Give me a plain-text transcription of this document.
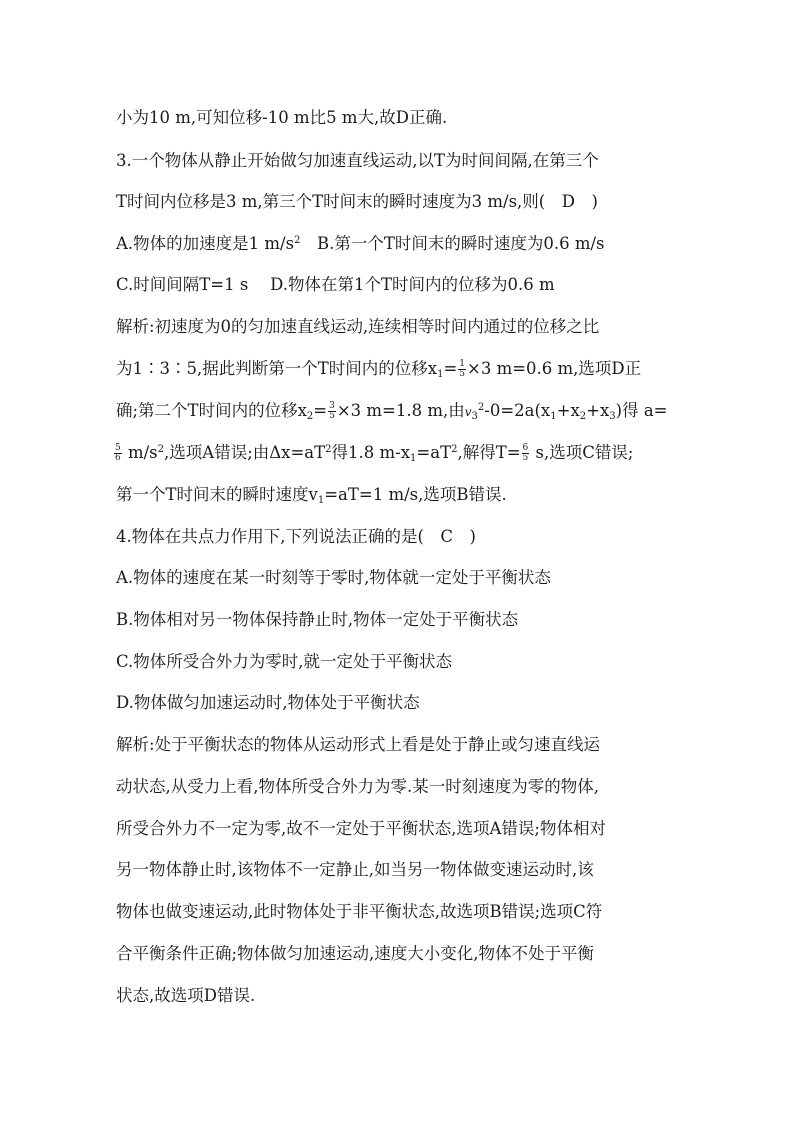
小为10 m,可知位移-10 m比5 m大,故D正确.
3.一个物体从静止开始做匀加速直线运动,以T为时间间隔,在第三个
T时间内位移是3 m,第三个T时间末的瞬时速度为3 m/s,则(　D　)
A.物体的加速度是1 $m/s^2$　B.第一个T时间末的瞬时速度为0.6 m/s
C.时间间隔T=1 s　 D.物体在第1个T时间内的位移为0.6 m
解析:初速度为0的匀加速直线运动,连续相等时间内通过的位移之比
为1∶3∶5,据此判断第一个T时间内的位移$x_1= \frac{1}{5} \times 3$ m=0.6 m,选项D正
确;第二个T时间内的位移$x_2= \frac{3}{5} \times 3$ m=1.8 m,由$v_3^2-0=2a(x_1+x_2+x_3)$得 a=
$\frac{5}{6} m/s^2$,选项A错误;由$\Delta x=aT^2$得1.8 $m-x_1=aT^2$,解得$T= \frac{6}{5} s$,选项C错误;
第一个T时间末的瞬时速度$v_1=aT=1$ m/s,选项B错误.
4.物体在共点力作用下,下列说法正确的是(　C　)
A.物体的速度在某一时刻等于零时,物体就一定处于平衡状态
B.物体相对另一物体保持静止时,物体一定处于平衡状态
C.物体所受合外力为零时,就一定处于平衡状态
D.物体做匀加速运动时,物体处于平衡状态
解析:处于平衡状态的物体从运动形式上看是处于静止或匀速直线运
动状态,从受力上看,物体所受合外力为零.某一时刻速度为零的物体,
所受合外力不一定为零,故不一定处于平衡状态,选项A错误;物体相对
另一物体静止时,该物体不一定静止,如当另一物体做变速运动时,该
物体也做变速运动,此时物体处于非平衡状态,故选项B错误;选项C符
合平衡条件正确;物体做匀加速运动,速度大小变化,物体不处于平衡
状态,故选项D错误.
